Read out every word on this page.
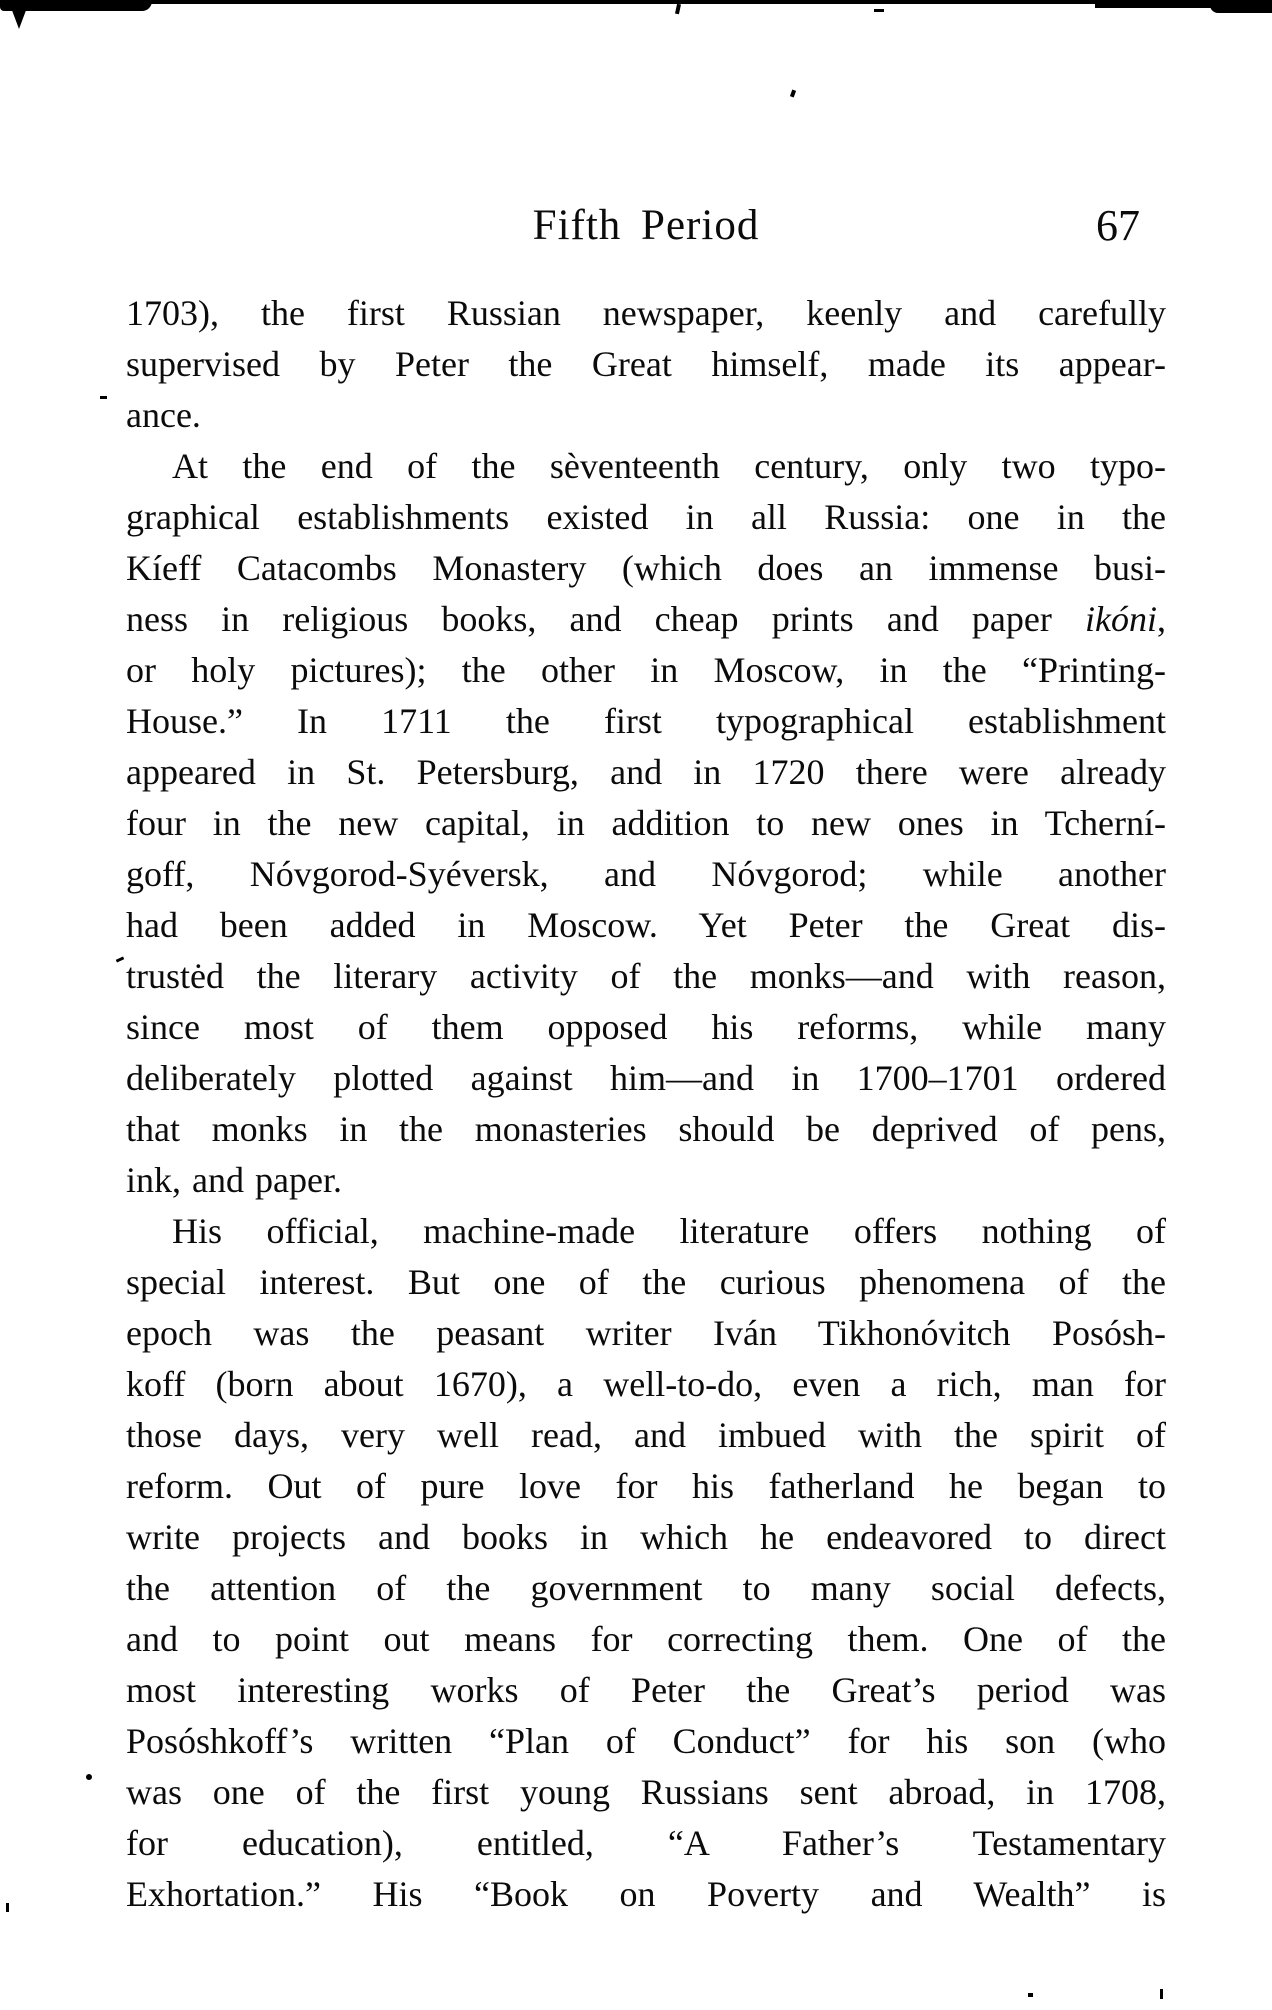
Fifth Period	67
1703), the first Russian newspaper, keenly and carefully
supervised by Peter the Great himself, made its appear-
ance.
At the end of the sèventeenth century, only two typo-
graphical establishments existed in all Russia: one in the
Kíeff Catacombs Monastery (which does an immense busi-
ness in religious books, and cheap prints and paper ikóni,
or holy pictures); the other in Moscow, in the “Printing-
House.” In 1711 the first typographical establishment
appeared in St. Petersburg, and in 1720 there were already
four in the new capital, in addition to new ones in Tcherní-
goff, Nóvgorod-Syéversk, and Nóvgorod; while another
had been added in Moscow. Yet Peter the Great dis-
trustėd the literary activity of the monks—and with reason,
since most of them opposed his reforms, while many
deliberately plotted against him—and in 1700–1701 ordered
that monks in the monasteries should be deprived of pens,
ink, and paper.
His official, machine-made literature offers nothing of
special interest. But one of the curious phenomena of the
epoch was the peasant writer Iván Tikhonóvitch Posósh-
koff (born about 1670), a well-to-do, even a rich, man for
those days, very well read, and imbued with the spirit of
reform. Out of pure love for his fatherland he began to
write projects and books in which he endeavored to direct
the attention of the government to many social defects,
and to point out means for correcting them. One of the
most interesting works of Peter the Great’s period was
Posóshkoff’s written “Plan of Conduct” for his son (who
was one of the first young Russians sent abroad, in 1708,
for education), entitled, “A Father’s Testamentary
Exhortation.” His “Book on Poverty and Wealth” is
